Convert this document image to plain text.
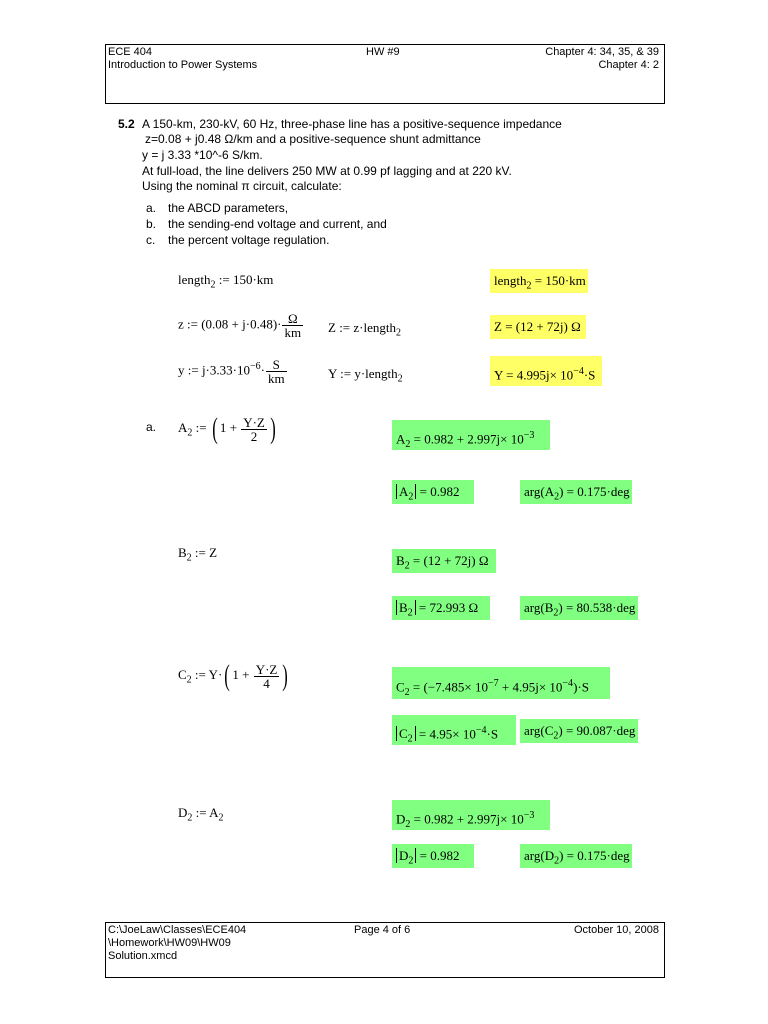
ECE 404
Introduction to Power Systems
HW #9	Chapter 4: 34, 35, & 39
Chapter 4: 2
5.2 A 150-km, 230-kV, 60 Hz, three-phase line has a positive-sequence impedance
z=0.08 + j0.48 Ω/km and a positive-sequence shunt admittance
y = j 3.33 *10^-6 S/km.
At full-load, the line delivers 250 MW at 0.99 pf lagging and at 220 kV.
Using the nominal π circuit, calculate:
a. the ABCD parameters,
b. the sending-end voltage and current, and
c. the percent voltage regulation.
length$_2$ := 150·km	length$_2$ = 150·km
z := $(0.08 + j\cdot 0.48)\cdot \frac{\Omega}{km}$ Z := z·length$_2$	Z = (12 + 72j) Ω
y := $j\cdot 3.33\cdot 10^{-6}\cdot \frac{S}{km}$	Y := y·length$_2$	$Y = 4.995j\times 10^{-4}\cdot S$
a. $A_2$ := ( $1 + \frac{Y\cdot Z}{2}$ )	$A_2 = 0.982 + 2.997j\times 10^{-3}$
$A_2 = 0.982$	$arg(A_2) = 0.175\cdot deg$
$B_2$ := Z
$B_2 = (12 + 72j)$ Ω
$B_2 = 72.993$ Ω	$arg(B_2) = 80.538\cdot deg$
$C_2$ := Y·( $1 + \frac{Y\cdot Z}{4}$ )	$C_2 = (-7.485\times 10^{-7} + 4.95j\times 10^{-4})\cdot S$
$C_2 = 4.95\times 10^{-4}\cdot S$ $arg(C_2) = 90.087\cdot deg$
$D_2$ := $A_2$	$D_2 = 0.982 + 2.997j\times 10^{-3}$
$D_2 = 0.982$	$arg(D_2) = 0.175\cdot deg$
C:\JoeLaw\Classes\ECE404
\Homework\HW09\HW09
Solution.xmcd
Page 4 of 6	October 10, 2008
